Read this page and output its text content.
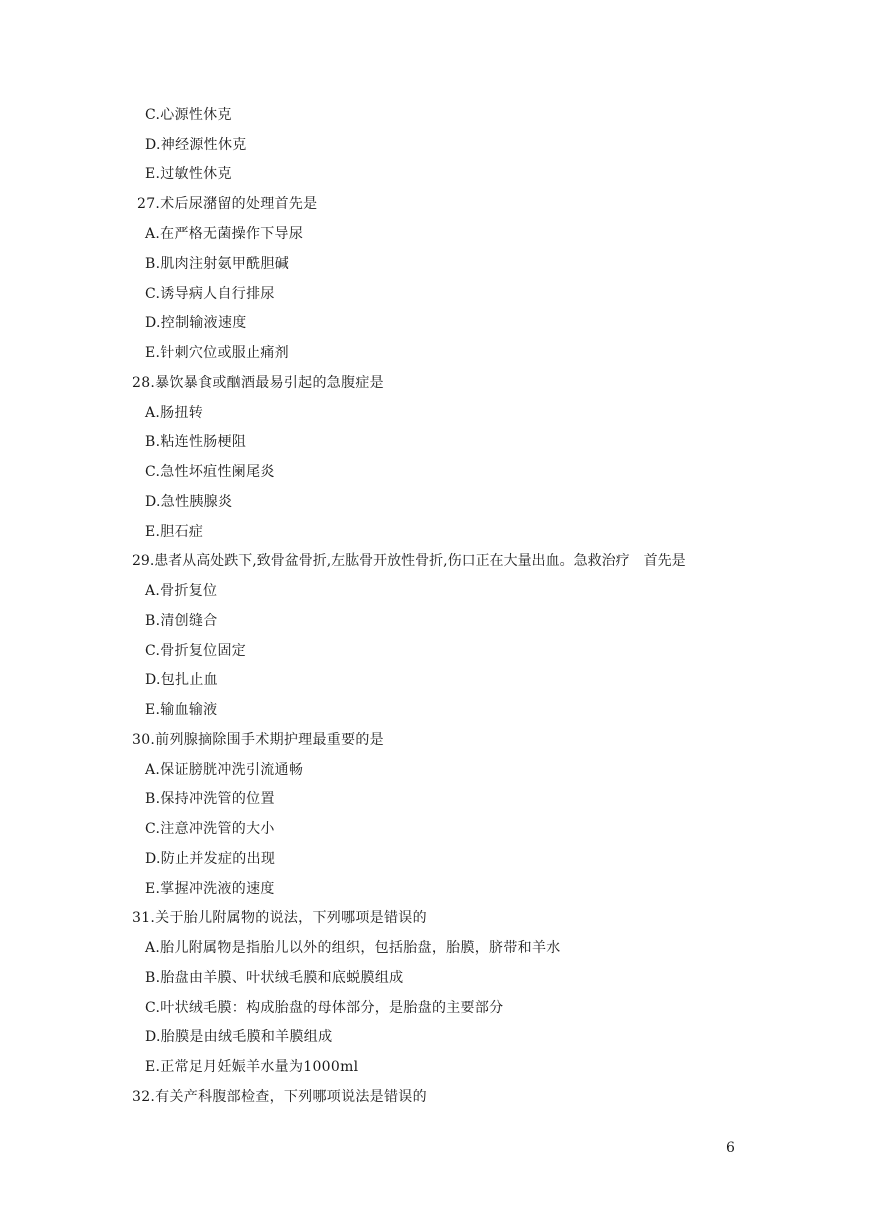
C.心源性休克
D.神经源性休克
E.过敏性休克
27.术后尿潴留的处理首先是
A.在严格无菌操作下导尿
B.肌肉注射氨甲酰胆碱
C.诱导病人自行排尿
D.控制输液速度
E.针刺穴位或服止痛剂
28.暴饮暴食或酗酒最易引起的急腹症是
A.肠扭转
B.粘连性肠梗阻
C.急性坏疽性阑尾炎
D.急性胰腺炎
E.胆石症
29.患者从高处跌下,致骨盆骨折,左肱骨开放性骨折,伤口正在大量出血。急救治疗　首先是
A.骨折复位
B.清创缝合
C.骨折复位固定
D.包扎止血
E.输血输液
30.前列腺摘除围手术期护理最重要的是
A.保证膀胱冲洗引流通畅
B.保持冲洗管的位置
C.注意冲洗管的大小
D.防止并发症的出现
E.掌握冲洗液的速度
31.关于胎儿附属物的说法，下列哪项是错误的
A.胎儿附属物是指胎儿以外的组织，包括胎盘，胎膜，脐带和羊水
B.胎盘由羊膜、叶状绒毛膜和底蜕膜组成
C.叶状绒毛膜：构成胎盘的母体部分，是胎盘的主要部分
D.胎膜是由绒毛膜和羊膜组成
E.正常足月妊娠羊水量为1000ml
32.有关产科腹部检查，下列哪项说法是错误的
6
